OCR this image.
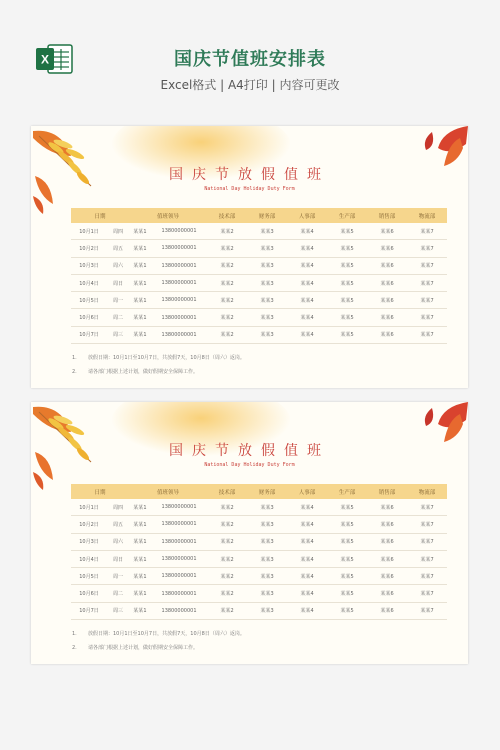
X	国庆节值班安排表
Excel格式 | A4打印 | 内容可更改
国庆节放假值班
National Day Holiday Duty Form
日期		值班领导		技术部	财务部	人事部	生产部	销售部	物流部
10月1日	周四	某某1	13800000001	某某2	某某3	某某4	某某5	某某6	某某7
10月2日	周五	某某1	13800000001	某某2	某某3	某某4	某某5	某某6	某某7
10月3日	周六	某某1	13800000001	某某2	某某3	某某4	某某5	某某6	某某7
10月4日	周日	某某1	13800000001	某某2	某某3	某某4	某某5	某某6	某某7
10月5日	周一	某某1	13800000001	某某2	某某3	某某4	某某5	某某6	某某7
10月6日	周二	某某1	13800000001	某某2	某某3	某某4	某某5	某某6	某某7
10月7日	周三	某某1	13800000001	某某2	某某3	某某4	某某5	某某6	某某7
1. 放假日期：10月1日至10月7日，共放假7天，10月8日（周六）返岗。
2. 请各部门根据上述计划，做好假期安全保障工作。
国庆节放假值班
National Day Holiday Duty Form
日期		值班领导		技术部	财务部	人事部	生产部	销售部	物流部
10月1日	周四	某某1	13800000001	某某2	某某3	某某4	某某5	某某6	某某7
10月2日	周五	某某1	13800000001	某某2	某某3	某某4	某某5	某某6	某某7
10月3日	周六	某某1	13800000001	某某2	某某3	某某4	某某5	某某6	某某7
10月4日	周日	某某1	13800000001	某某2	某某3	某某4	某某5	某某6	某某7
10月5日	周一	某某1	13800000001	某某2	某某3	某某4	某某5	某某6	某某7
10月6日	周二	某某1	13800000001	某某2	某某3	某某4	某某5	某某6	某某7
10月7日	周三	某某1	13800000001	某某2	某某3	某某4	某某5	某某6	某某7
1. 放假日期：10月1日至10月7日，共放假7天，10月8日（周六）返岗。
2. 请各部门根据上述计划，做好假期安全保障工作。
